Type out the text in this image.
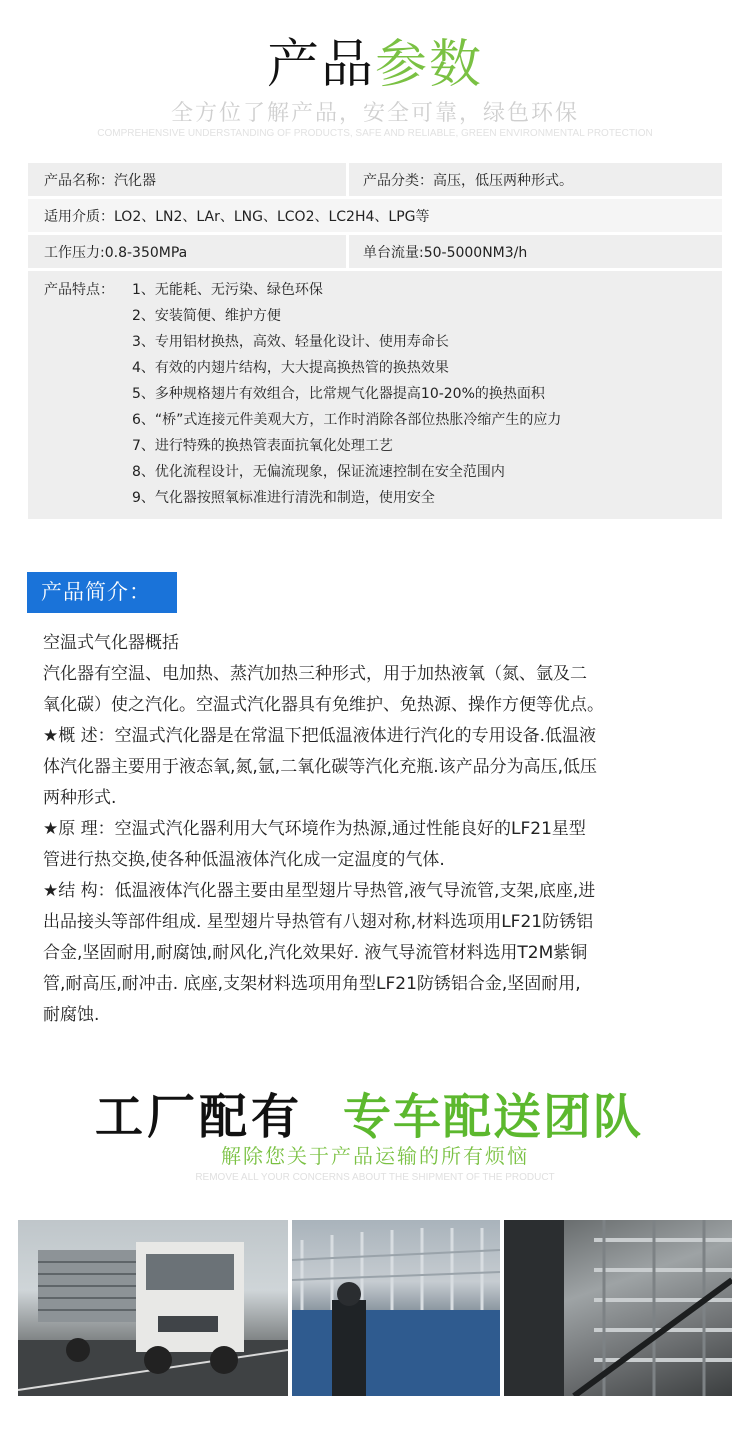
产品参数
全方位了解产品，安全可靠，绿色环保
COMPREHENSIVE UNDERSTANDING OF PRODUCTS, SAFE AND RELIABLE, GREEN ENVIRONMENTAL PROTECTION
产品名称：汽化器	产品分类：高压，低压两种形式。
适用介质：LO2、LN2、LAr、LNG、LCO2、LC2H4、LPG等
工作压力:0.8-350MPa	单台流量:50-5000NM3/h
产品特点： 1、无能耗、无污染、绿色环保
2、安装简便、维护方便
3、专用铝材换热，高效、轻量化设计、使用寿命长
4、有效的内翅片结构，大大提高换热管的换热效果
5、多种规格翅片有效组合，比常规气化器提高10-20%的换热面积
6、“桥”式连接元件美观大方，工作时消除各部位热胀冷缩产生的应力
7、进行特殊的换热管表面抗氧化处理工艺
8、优化流程设计，无偏流现象，保证流速控制在安全范围内
9、气化器按照氧标准进行清洗和制造，使用安全
产品简介：

空温式气化器概括

汽化器有空温、电加热、蒸汽加热三种形式，用于加热液氧（氮、氩及二

氧化碳）使之汽化。空温式汽化器具有免维护、免热源、操作方便等优点。

★概 述：空温式汽化器是在常温下把低温液体进行汽化的专用设备.低温液

体汽化器主要用于液态氧,氮,氩,二氧化碳等汽化充瓶.该产品分为高压,低压

两种形式.

★原 理：空温式汽化器利用大气环境作为热源,通过性能良好的LF21星型

管进行热交换,使各种低温液体汽化成一定温度的气体.

★结 构：低温液体汽化器主要由星型翅片导热管,液气导流管,支架,底座,进

出品接头等部件组成. 星型翅片导热管有八翅对称,材料选项用LF21防锈铝

合金,坚固耐用,耐腐蚀,耐风化,汽化效果好. 液气导流管材料选用T2M紫铜

管,耐高压,耐冲击. 底座,支架材料选项用角型LF21防锈铝合金,坚固耐用,

耐腐蚀.

工厂配有 专车配送团队
解除您关于产品运输的所有烦恼
REMOVE ALL YOUR CONCERNS ABOUT THE SHIPMENT OF THE PRODUCT
